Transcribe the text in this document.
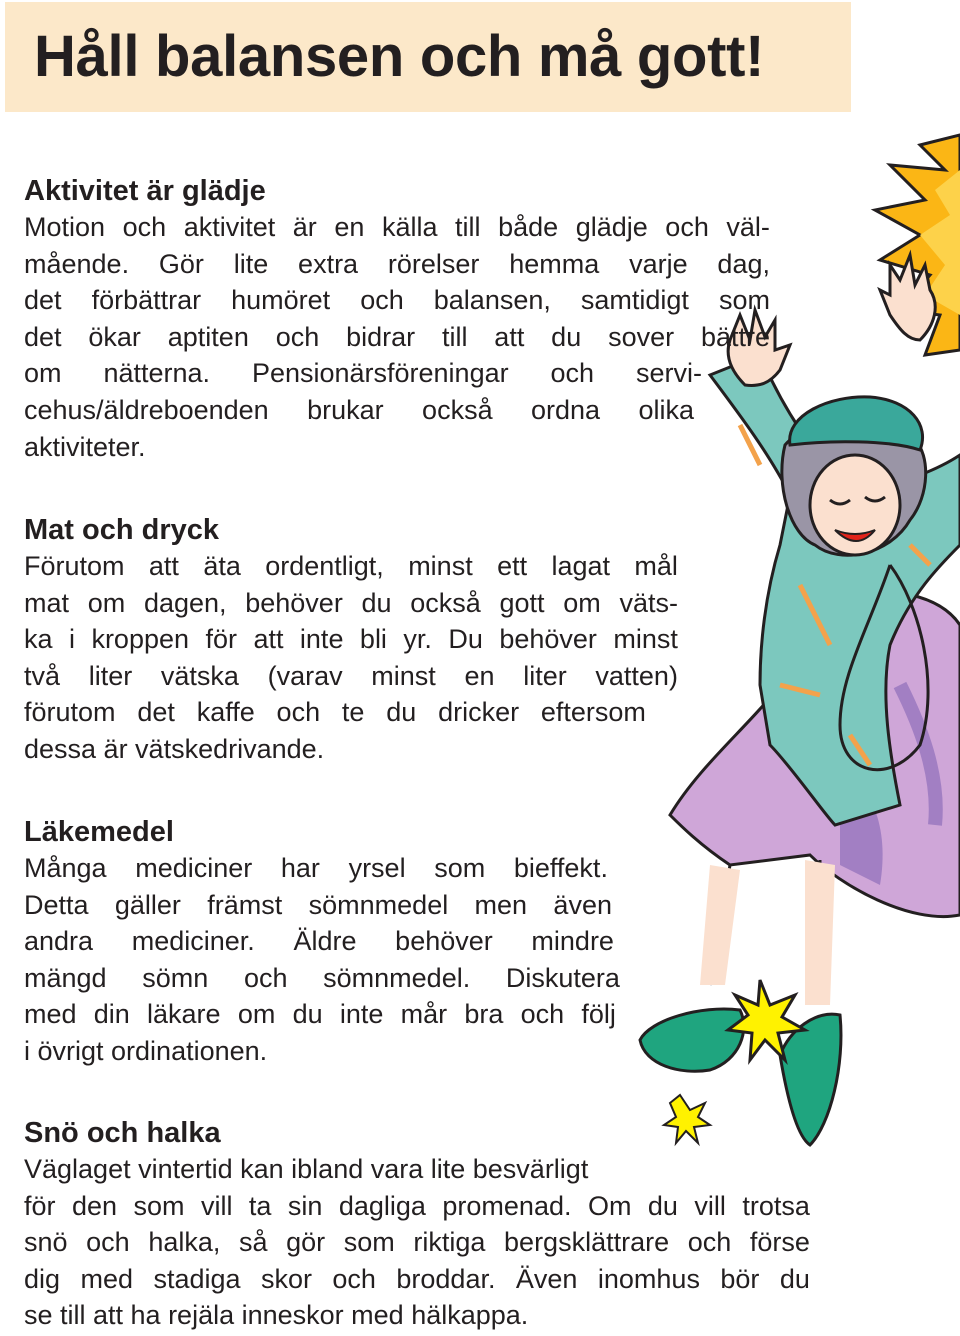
Håll balansen och må gott!
Aktivitet är glädje
Motion och aktivitet är en källa till både glädje och väl-
mående. Gör lite extra rörelser hemma varje dag,
det förbättrar humöret och balansen, samtidigt som
det ökar aptiten och bidrar till att du sover bättre
om nätterna. Pensionärsföreningar och servi-
cehus/äldreboenden brukar också ordna olika
aktiviteter.
Mat och dryck
Förutom att äta ordentligt, minst ett lagat mål
mat om dagen, behöver du också gott om väts-
ka i kroppen för att inte bli yr. Du behöver minst
två liter vätska (varav minst en liter vatten)
förutom det kaffe och te du dricker eftersom
dessa är vätskedrivande.
Läkemedel
Många mediciner har yrsel som bieffekt.
Detta gäller främst sömnmedel men även
andra mediciner. Äldre behöver mindre
mängd sömn och sömnmedel. Diskutera
med din läkare om du inte mår bra och följ
i övrigt ordinationen.
Snö och halka
Väglaget vintertid kan ibland vara lite besvärligt
för den som vill ta sin dagliga promenad. Om du vill trotsa
snö och halka, så gör som riktiga bergsklättrare och förse
dig med stadiga skor och broddar. Även inomhus bör du
se till att ha rejäla inneskor med hälkappa.
